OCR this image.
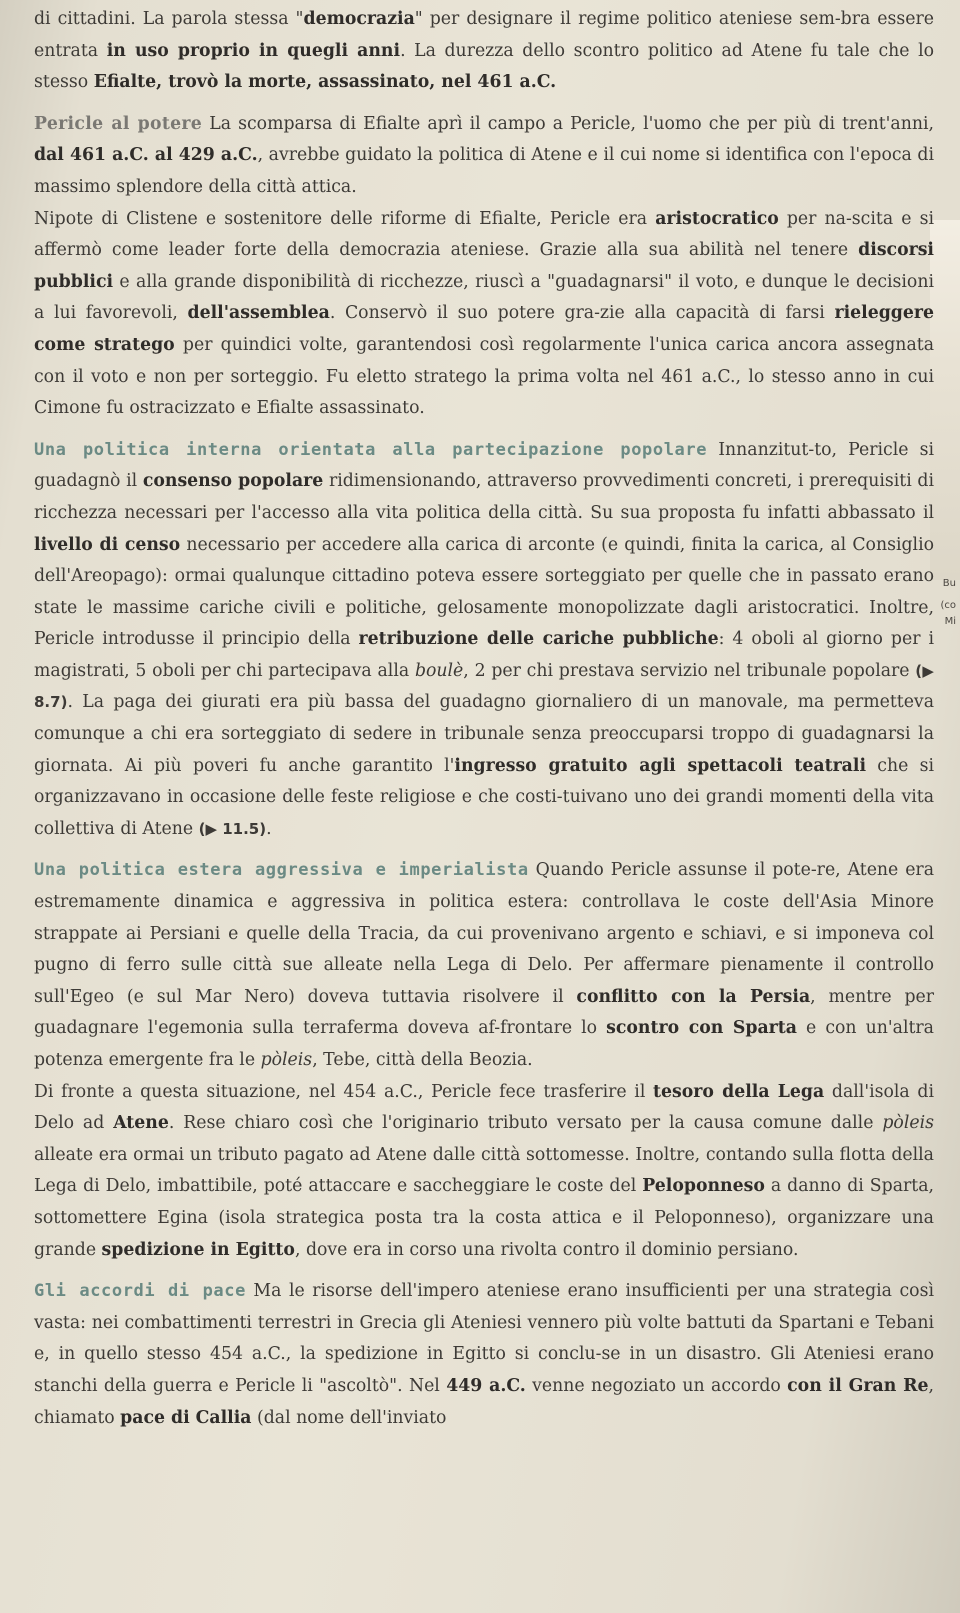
Bu
(co
Mi

di cittadini. La parola stessa "democrazia" per designare il regime politico ateniese sem-bra essere entrata in uso proprio in quegli anni. La durezza dello scontro politico ad Atene fu tale che lo stesso Efialte, trovò la morte, assassinato, nel 461 a.C.

Pericle al potere La scomparsa di Efialte aprì il campo a Pericle, l'uomo che per più di trent'anni, dal 461 a.C. al 429 a.C., avrebbe guidato la politica di Atene e il cui nome si identifica con l'epoca di massimo splendore della città attica.

Nipote di Clistene e sostenitore delle riforme di Efialte, Pericle era aristocratico per na-scita e si affermò come leader forte della democrazia ateniese. Grazie alla sua abilità nel tenere discorsi pubblici e alla grande disponibilità di ricchezze, riuscì a "guadagnarsi" il voto, e dunque le decisioni a lui favorevoli, dell'assemblea. Conservò il suo potere gra-zie alla capacità di farsi rieleggere come stratego per quindici volte, garantendosi così regolarmente l'unica carica ancora assegnata con il voto e non per sorteggio. Fu eletto stratego la prima volta nel 461 a.C., lo stesso anno in cui Cimone fu ostracizzato e Efialte assassinato.

Una politica interna orientata alla partecipazione popolare Innanzitut-to, Pericle si guadagnò il consenso popolare ridimensionando, attraverso provvedimenti concreti, i prerequisiti di ricchezza necessari per l'accesso alla vita politica della città. Su sua proposta fu infatti abbassato il livello di censo necessario per accedere alla carica di arconte (e quindi, finita la carica, al Consiglio dell'Areopago): ormai qualunque cittadino poteva essere sorteggiato per quelle che in passato erano state le massime cariche civili e politiche, gelosamente monopolizzate dagli aristocratici. Inoltre, Pericle introdusse il principio della retribuzione delle cariche pubbliche: 4 oboli al giorno per i magistrati, 5 oboli per chi partecipava alla boulè, 2 per chi prestava servizio nel tribunale popolare (▶ 8.7). La paga dei giurati era più bassa del guadagno giornaliero di un manovale, ma permetteva comunque a chi era sorteggiato di sedere in tribunale senza preoccuparsi troppo di guadagnarsi la giornata. Ai più poveri fu anche garantito l'ingresso gratuito agli spettacoli teatrali che si organizzavano in occasione delle feste religiose e che costi-tuivano uno dei grandi momenti della vita collettiva di Atene (▶ 11.5).

Una politica estera aggressiva e imperialista Quando Pericle assunse il pote-re, Atene era estremamente dinamica e aggressiva in politica estera: controllava le coste dell'Asia Minore strappate ai Persiani e quelle della Tracia, da cui provenivano argento e schiavi, e si imponeva col pugno di ferro sulle città sue alleate nella Lega di Delo. Per affermare pienamente il controllo sull'Egeo (e sul Mar Nero) doveva tuttavia risolvere il conflitto con la Persia, mentre per guadagnare l'egemonia sulla terraferma doveva af-frontare lo scontro con Sparta e con un'altra potenza emergente fra le pòleis, Tebe, città della Beozia.

Di fronte a questa situazione, nel 454 a.C., Pericle fece trasferire il tesoro della Lega dall'isola di Delo ad Atene. Rese chiaro così che l'originario tributo versato per la causa comune dalle pòleis alleate era ormai un tributo pagato ad Atene dalle città sottomesse. Inoltre, contando sulla flotta della Lega di Delo, imbattibile, poté attaccare e saccheggiare le coste del Peloponneso a danno di Sparta, sottomettere Egina (isola strategica posta tra la costa attica e il Peloponneso), organizzare una grande spedizione in Egitto, dove era in corso una rivolta contro il dominio persiano.

Gli accordi di pace Ma le risorse dell'impero ateniese erano insufficienti per una strategia così vasta: nei combattimenti terrestri in Grecia gli Ateniesi vennero più volte battuti da Spartani e Tebani e, in quello stesso 454 a.C., la spedizione in Egitto si conclu-se in un disastro. Gli Ateniesi erano stanchi della guerra e Pericle li "ascoltò". Nel 449 a.C. venne negoziato un accordo con il Gran Re, chiamato pace di Callia (dal nome dell'inviato
